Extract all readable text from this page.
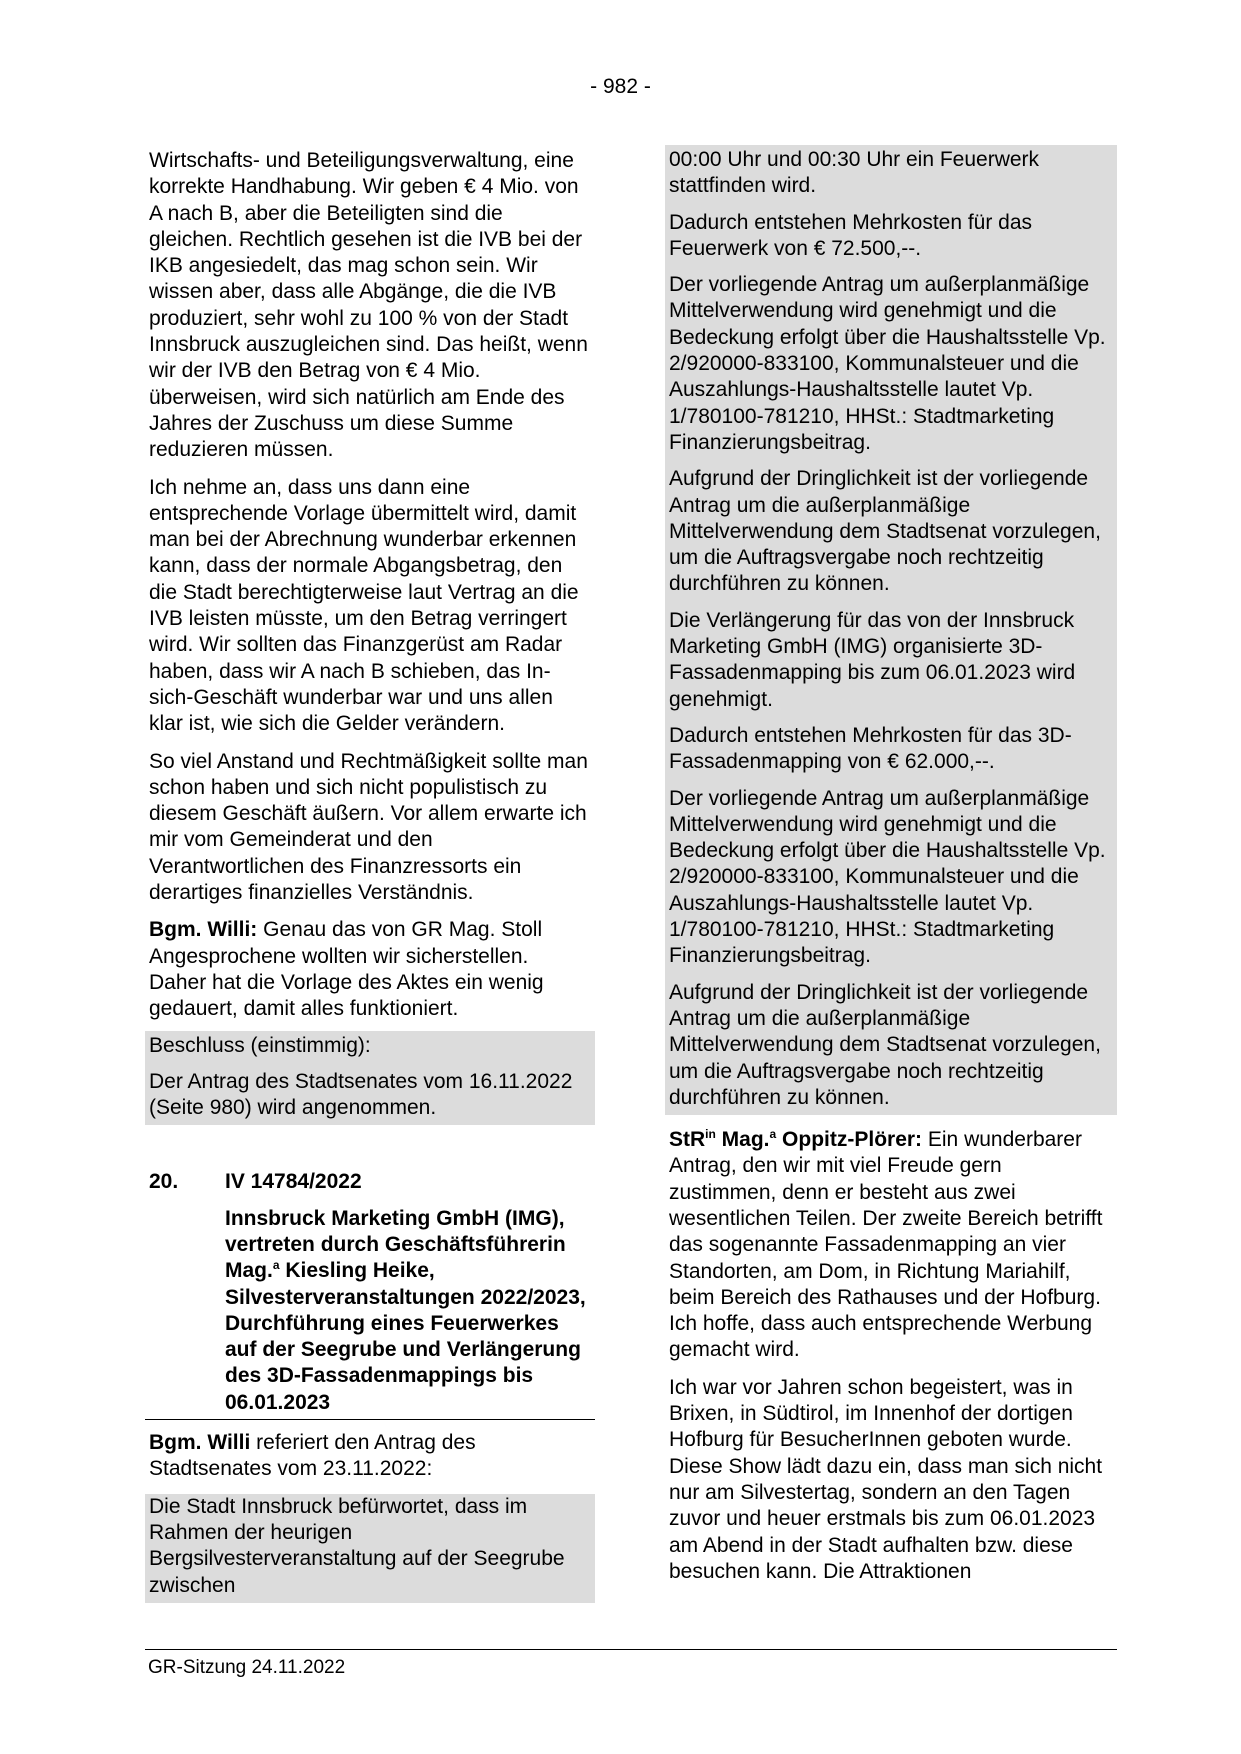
- 982 -

Wirtschafts- und Beteiligungsverwaltung, eine korrekte Handhabung. Wir geben € 4 Mio. von A nach B, aber die Beteiligten sind die gleichen. Rechtlich gesehen ist die IVB bei der IKB angesiedelt, das mag schon sein. Wir wissen aber, dass alle Abgänge, die die IVB produziert, sehr wohl zu 100 % von der Stadt Innsbruck auszugleichen sind. Das heißt, wenn wir der IVB den Betrag von € 4 Mio. überweisen, wird sich natürlich am Ende des Jahres der Zuschuss um diese Summe reduzieren müssen.

Ich nehme an, dass uns dann eine entsprechende Vorlage übermittelt wird, damit man bei der Abrechnung wunderbar erkennen kann, dass der normale Abgangsbetrag, den die Stadt berechtigterweise laut Vertrag an die IVB leisten müsste, um den Betrag verringert wird. Wir sollten das Finanzgerüst am Radar haben, dass wir A nach B schieben, das In-sich-Geschäft wunderbar war und uns allen klar ist, wie sich die Gelder verändern.

So viel Anstand und Rechtmäßigkeit sollte man schon haben und sich nicht populistisch zu diesem Geschäft äußern. Vor allem erwarte ich mir vom Gemeinderat und den Verantwortlichen des Finanzressorts ein derartiges finanzielles Verständnis.

Bgm. Willi: Genau das von GR Mag. Stoll Angesprochene wollten wir sicherstellen. Daher hat die Vorlage des Aktes ein wenig gedauert, damit alles funktioniert.

Beschluss (einstimmig):

Der Antrag des Stadtsenates vom 16.11.2022 (Seite 980) wird angenommen.

20.	IV 14784/2022
Innsbruck Marketing GmbH (IMG), vertreten durch Geschäftsführerin Mag.$^a$ Kiesling Heike, Silvesterveranstaltungen 2022/2023, Durchführung eines Feuerwerkes auf der Seegrube und Verlängerung des 3D-Fassadenmappings bis 06.01.2023

Bgm. Willi referiert den Antrag des Stadtsenates vom 23.11.2022:

Die Stadt Innsbruck befürwortet, dass im Rahmen der heurigen Bergsilvesterveranstaltung auf der Seegrube zwischen

00:00 Uhr und 00:30 Uhr ein Feuerwerk stattfinden wird.

Dadurch entstehen Mehrkosten für das Feuerwerk von € 72.500,--.

Der vorliegende Antrag um außerplanmäßige Mittelverwendung wird genehmigt und die Bedeckung erfolgt über die Haushaltsstelle Vp. 2/920000-833100, Kommunalsteuer und die Auszahlungs-Haushaltsstelle lautet Vp. 1/780100-781210, HHSt.: Stadtmarketing Finanzierungsbeitrag.

Aufgrund der Dringlichkeit ist der vorliegende Antrag um die außerplanmäßige Mittelverwendung dem Stadtsenat vorzulegen, um die Auftragsvergabe noch rechtzeitig durchführen zu können.

Die Verlängerung für das von der Innsbruck Marketing GmbH (IMG) organisierte 3D-Fassadenmapping bis zum 06.01.2023 wird genehmigt.

Dadurch entstehen Mehrkosten für das 3D-Fassadenmapping von € 62.000,--.

Der vorliegende Antrag um außerplanmäßige Mittelverwendung wird genehmigt und die Bedeckung erfolgt über die Haushaltsstelle Vp. 2/920000-833100, Kommunalsteuer und die Auszahlungs-Haushaltsstelle lautet Vp. 1/780100-781210, HHSt.: Stadtmarketing Finanzierungsbeitrag.

Aufgrund der Dringlichkeit ist der vorliegende Antrag um die außerplanmäßige Mittelverwendung dem Stadtsenat vorzulegen, um die Auftragsvergabe noch rechtzeitig durchführen zu können.

StR$^{in}$ Mag.$^a$ Oppitz-Plörer: Ein wunderbarer Antrag, den wir mit viel Freude gern zustimmen, denn er besteht aus zwei wesentlichen Teilen. Der zweite Bereich betrifft das sogenannte Fassadenmapping an vier Standorten, am Dom, in Richtung Mariahilf, beim Bereich des Rathauses und der Hofburg. Ich hoffe, dass auch entsprechende Werbung gemacht wird.

Ich war vor Jahren schon begeistert, was in Brixen, in Südtirol, im Innenhof der dortigen Hofburg für BesucherInnen geboten wurde. Diese Show lädt dazu ein, dass man sich nicht nur am Silvestertag, sondern an den Tagen zuvor und heuer erstmals bis zum 06.01.2023 am Abend in der Stadt aufhalten bzw. diese besuchen kann. Die Attraktionen

GR-Sitzung 24.11.2022
